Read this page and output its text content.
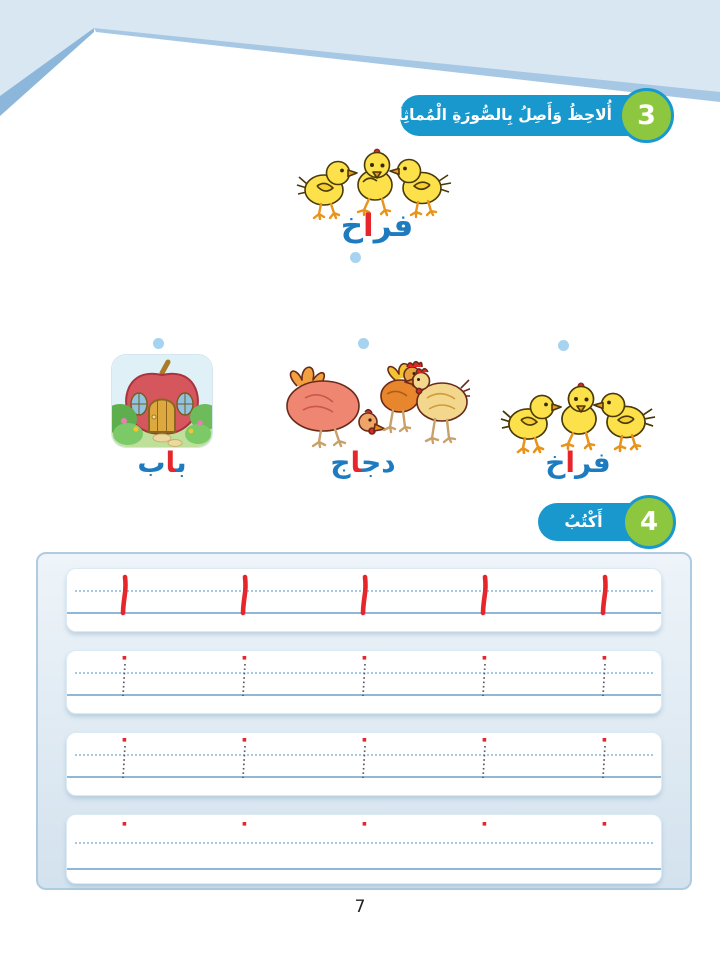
أُلاحِظُ وَأَصِلُ بِالصُّورَةِ الْمُماثِلَةِ 3
فراخ
ب‍‍اب	دج‍‍اج	فراخ
أَكْتُبُ	4
7
